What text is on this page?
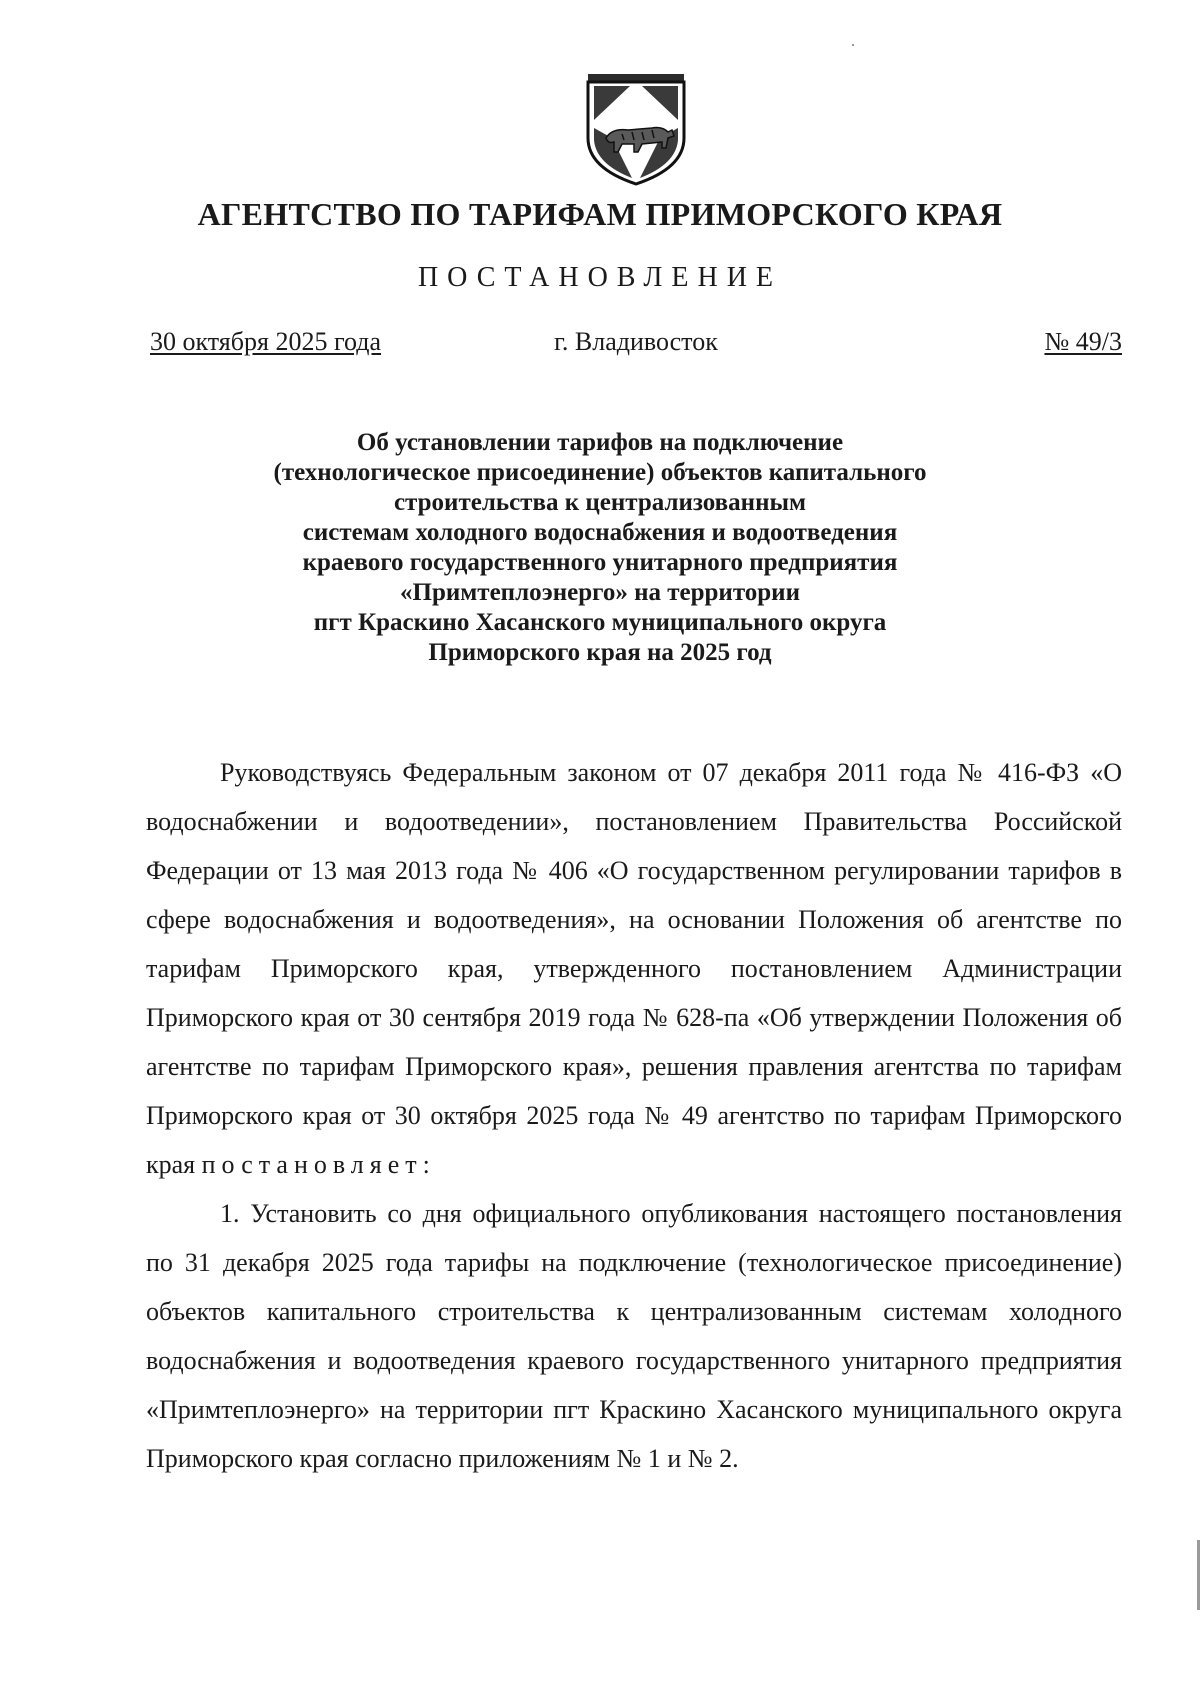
АГЕНТСТВО ПО ТАРИФАМ ПРИМОРСКОГО КРАЯ
ПОСТАНОВЛЕНИЕ
30 октября 2025 года	г. Владивосток	№ 49/3
Об установлении тарифов на подключение
(технологическое присоединение) объектов капитального
строительства к централизованным
системам холодного водоснабжения и водоотведения
краевого государственного унитарного предприятия
«Примтеплоэнерго» на территории
пгт Краскино Хасанского муниципального округа
Приморского края на 2025 год

Руководствуясь Федеральным законом от 07 декабря 2011 года № 416-ФЗ «О водоснабжении и водоотведении», постановлением Правительства Российской Федерации от 13 мая 2013 года № 406 «О государственном регулировании тарифов в сфере водоснабжения и водоотведения», на основании Положения об агентстве по тарифам Приморского края, утвержденного постановлением Администрации Приморского края от 30 сентября 2019 года № 628-па «Об утверждении Положения об агентстве по тарифам Приморского края», решения правления агентства по тарифам Приморского края от 30 октября 2025 года № 49 агентство по тарифам Приморского края постановляет:

1. Установить со дня официального опубликования настоящего постановления по 31 декабря 2025 года тарифы на подключение (технологическое присоединение) объектов капитального строительства к централизованным системам холодного водоснабжения и водоотведения краевого государственного унитарного предприятия «Примтеплоэнерго» на территории пгт Краскино Хасанского муниципального округа Приморского края согласно приложениям № 1 и № 2.
